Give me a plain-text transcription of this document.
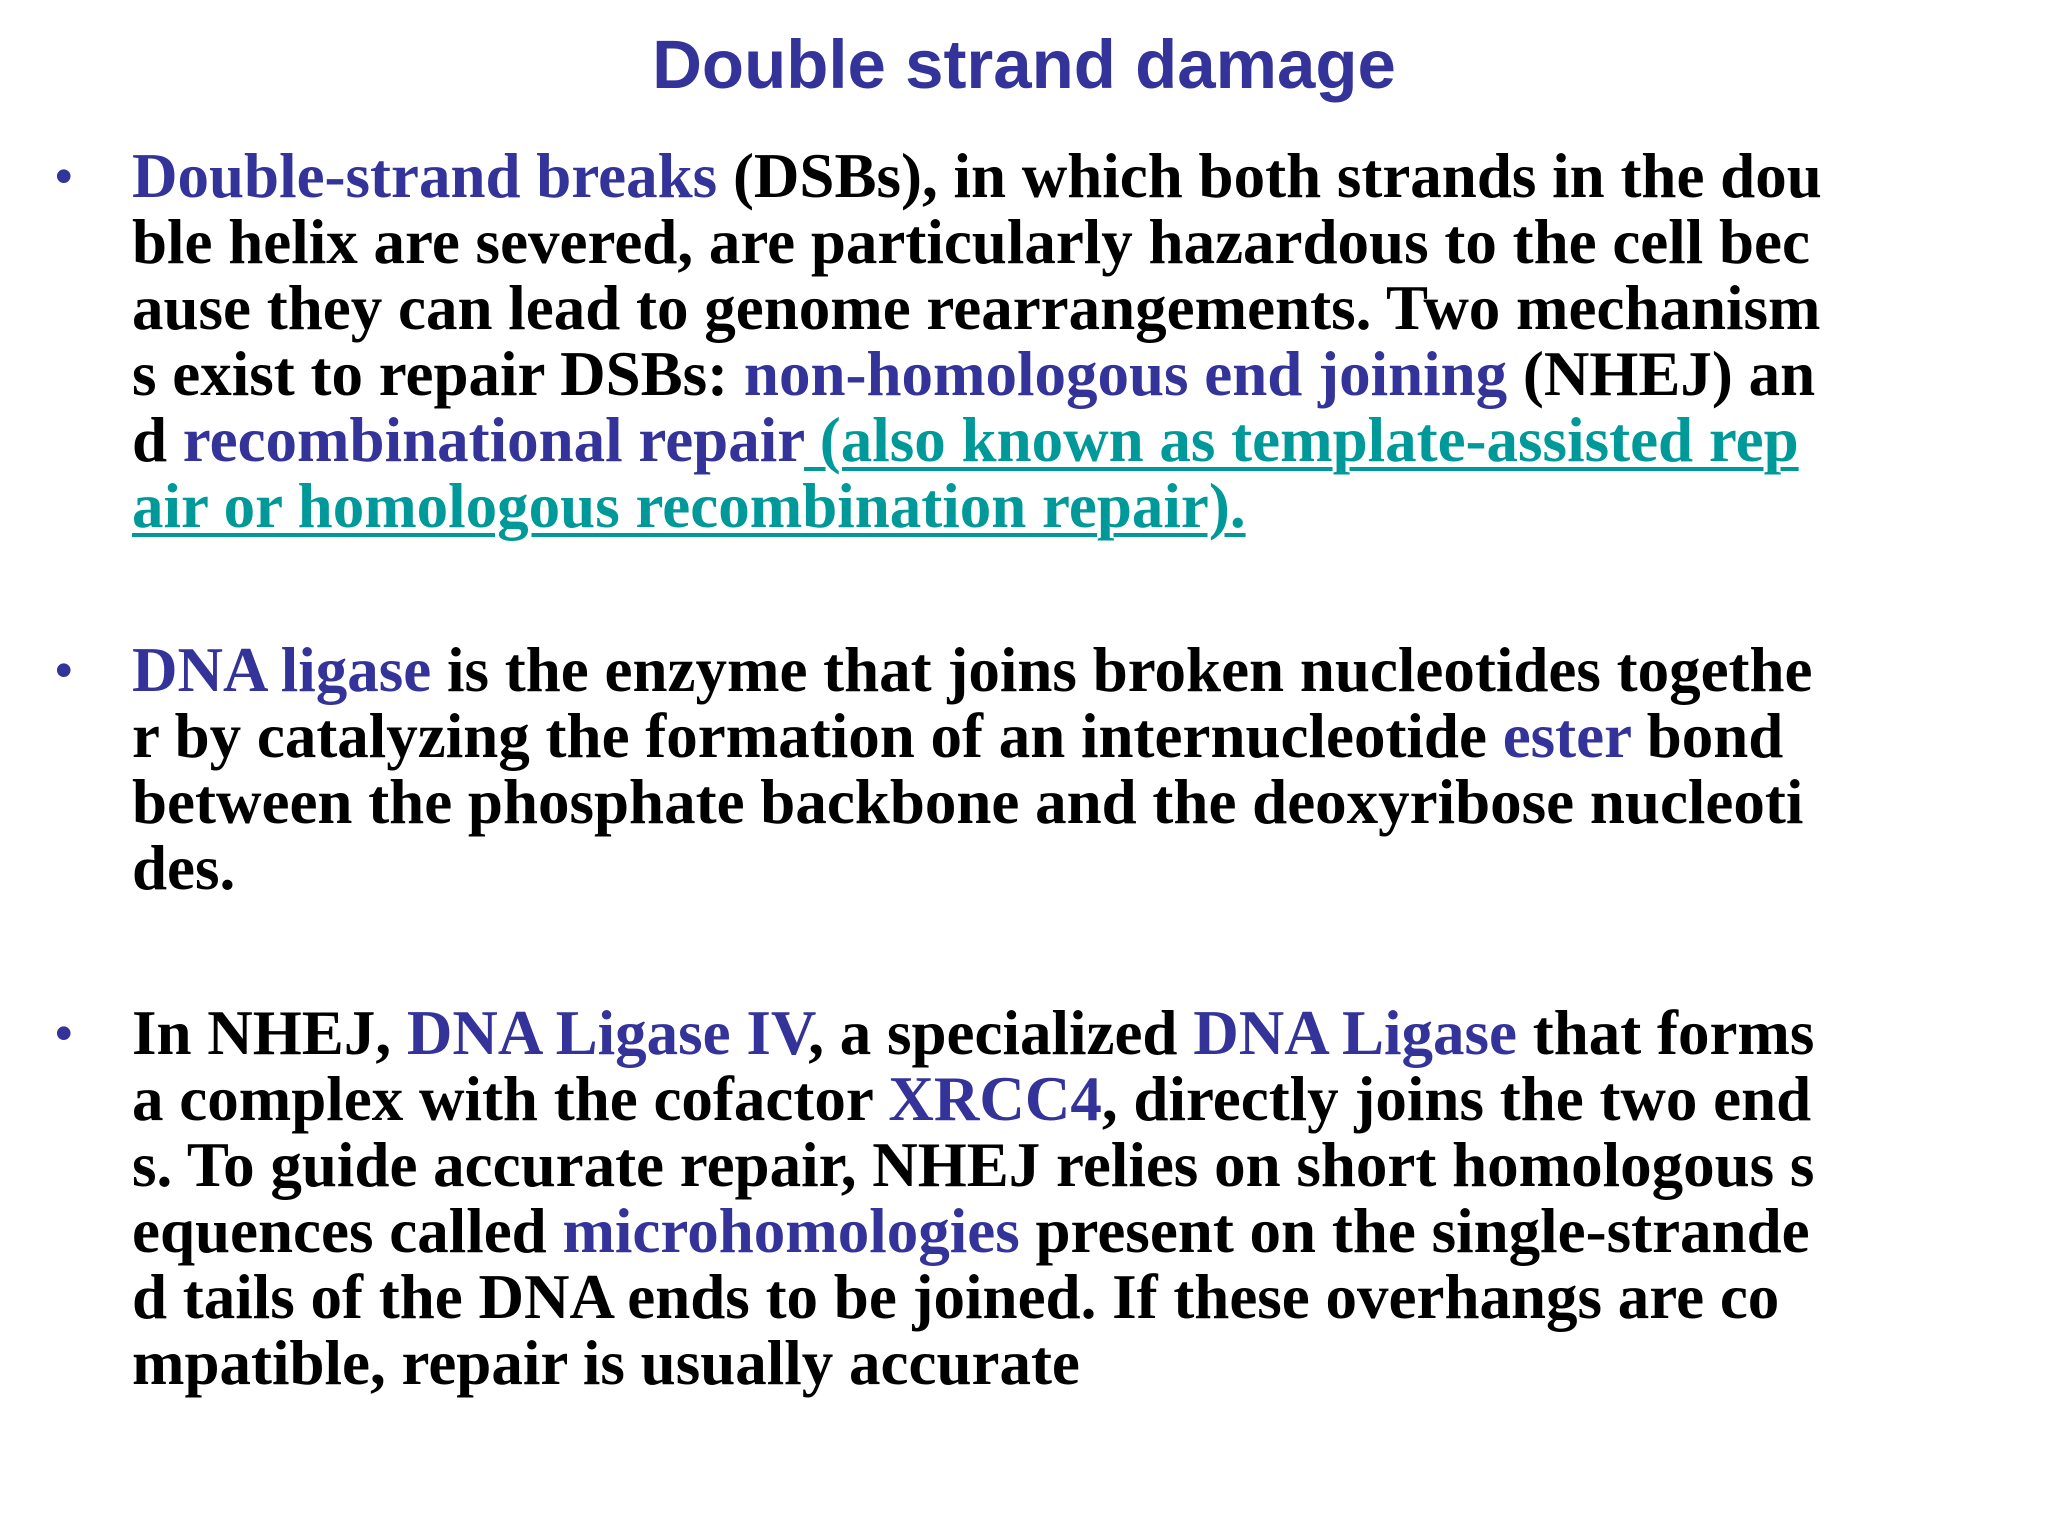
Double strand damage
• Double-strand breaks (DSBs), in which both strands in the dou
ble helix are severed, are particularly hazardous to the cell bec
ause they can lead to genome rearrangements. Two mechanism
s exist to repair DSBs: non-homologous end joining (NHEJ) an
d recombinational repair (also known as template-assisted rep
air or homologous recombination repair).
• DNA ligase is the enzyme that joins broken nucleotides togethe
r by catalyzing the formation of an internucleotide ester bond
between the phosphate backbone and the deoxyribose nucleoti
des.
• In NHEJ, DNA Ligase IV, a specialized DNA Ligase that forms
a complex with the cofactor XRCC4, directly joins the two end
s. To guide accurate repair, NHEJ relies on short homologous s
equences called microhomologies present on the single-strande
d tails of the DNA ends to be joined. If these overhangs are co
mpatible, repair is usually accurate
